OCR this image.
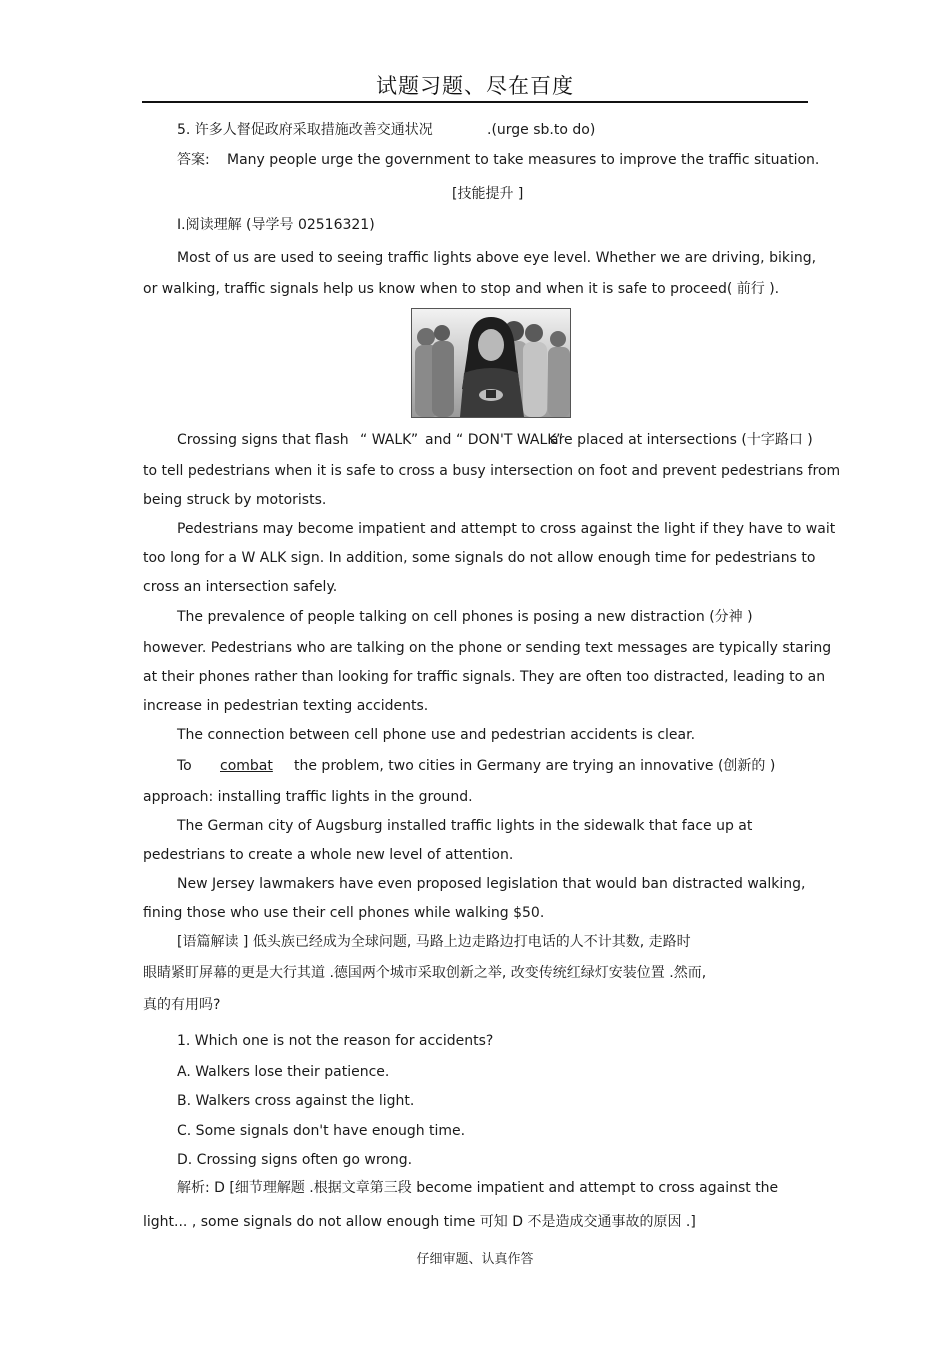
试题习题、尽在百度
5. 许多人督促政府采取措施改善交通状况	.(urge sb.to do)
答案: Many people urge the government to take measures to improve the traffic situation.
[技能提升 ]
Ⅰ.阅读理解 (导学号 02516321)
Most of us are used to seeing traffic lights above eye level. Whether we are driving, biking,
or walking, traffic signals help us know when to stop and when it is safe to proceed( 前行 ).
Crossing signs that flash “ WALK” and “ DON'T WALK”
are placed at intersections (十字路口 )
to tell pedestrians when it is safe to cross a busy intersection on foot and prevent pedestrians from
being struck by motorists.
Pedestrians may become impatient and attempt to cross against the light if they have to wait
too long for a W ALK sign. In addition, some signals do not allow enough time for pedestrians to
cross an intersection safely.
The prevalence of people talking on cell phones is posing a new distraction (分神 )
however. Pedestrians who are talking on the phone or sending text messages are typically staring
at their phones rather than looking for traffic signals. They are often too distracted, leading to an
increase in pedestrian texting accidents.
The connection between cell phone use and pedestrian accidents is clear.
To combat the problem, two cities in Germany are trying an innovative (创新的 )
approach: installing traffic lights in the ground.
The German city of Augsburg installed traffic lights in the sidewalk that face up at
pedestrians to create a whole new level of attention.
New Jersey lawmakers have even proposed legislation that would ban distracted walking,
fining those who use their cell phones while walking $50.
[语篇解读 ] 低头族已经成为全球问题, 马路上边走路边打电话的人不计其数, 走路时
眼睛紧盯屏幕的更是大行其道 .德国两个城市采取创新之举, 改变传统红绿灯安装位置 .然而,
真的有用吗?
1. Which one is not the reason for accidents?
A. Walkers lose their patience.
B. Walkers cross against the light.
C. Some signals don't have enough time.
D. Crossing signs often go wrong.
解析: D [细节理解题 .根据文章第三段 become impatient and attempt to cross against the
light... , some signals do not allow enough time 可知 D 不是造成交通事故的原因 .]
仔细审题、认真作答
